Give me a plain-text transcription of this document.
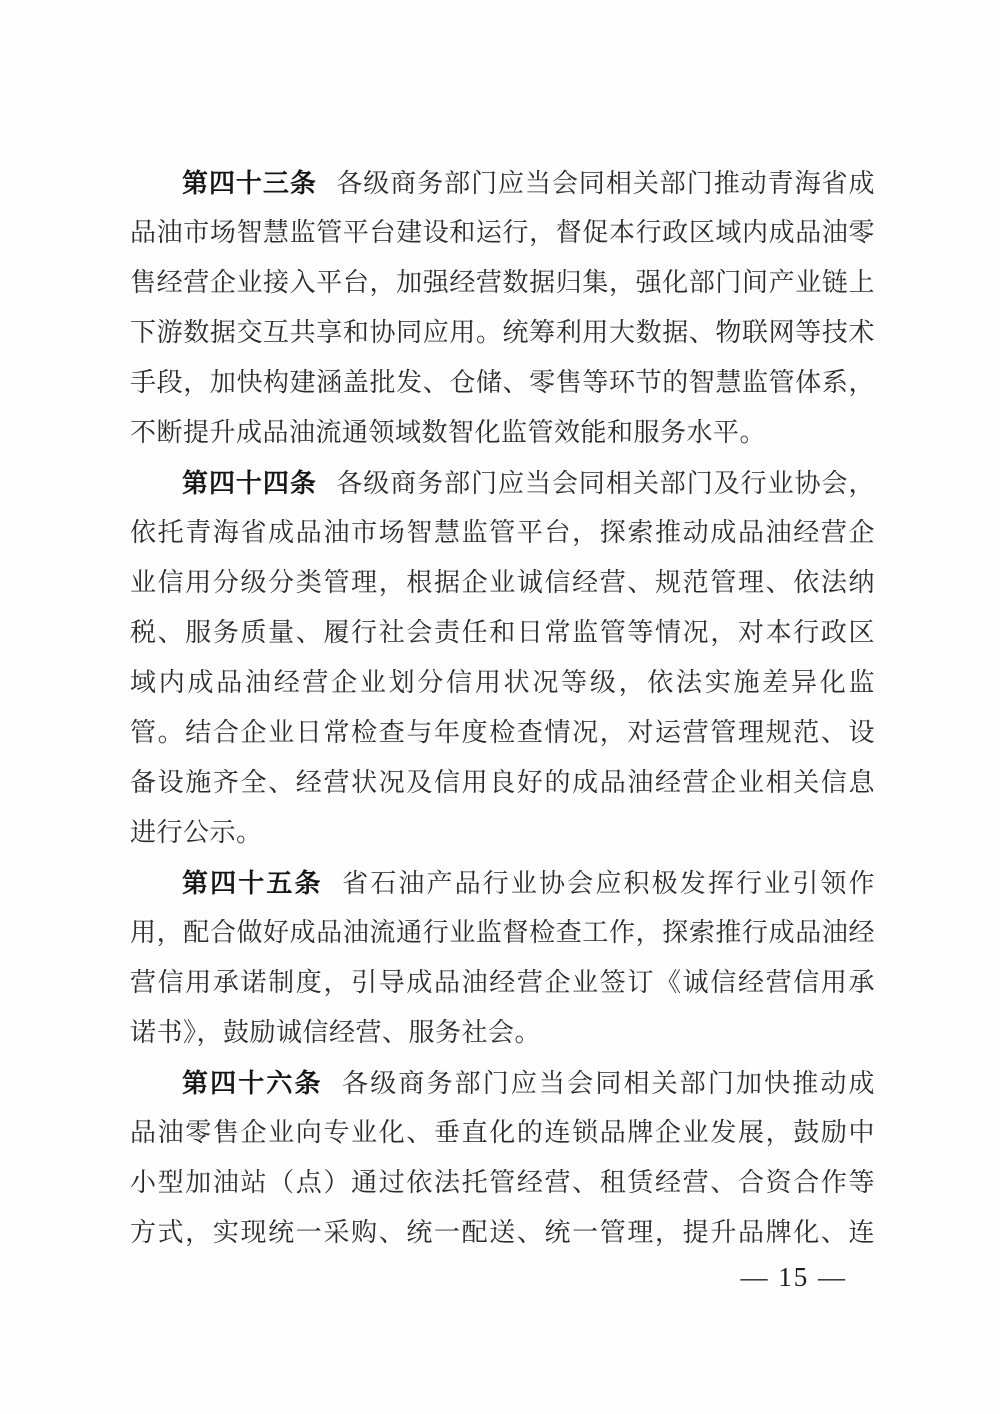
第四十三条 各级商务部门应当会同相关部门推动青海省成
品油市场智慧监管平台建设和运行，督促本行政区域内成品油零
售经营企业接入平台，加强经营数据归集，强化部门间产业链上
下游数据交互共享和协同应用。统筹利用大数据、物联网等技术
手段，加快构建涵盖批发、仓储、零售等环节的智慧监管体系，
不断提升成品油流通领域数智化监管效能和服务水平。
第四十四条 各级商务部门应当会同相关部门及行业协会，
依托青海省成品油市场智慧监管平台，探索推动成品油经营企
业信用分级分类管理，根据企业诚信经营、规范管理、依法纳
税、服务质量、履行社会责任和日常监管等情况，对本行政区
域内成品油经营企业划分信用状况等级，依法实施差异化监
管。结合企业日常检查与年度检查情况，对运营管理规范、设
备设施齐全、经营状况及信用良好的成品油经营企业相关信息
进行公示。
第四十五条 省石油产品行业协会应积极发挥行业引领作
用，配合做好成品油流通行业监督检查工作，探索推行成品油经
营信用承诺制度，引导成品油经营企业签订《诚信经营信用承
诺书》，鼓励诚信经营、服务社会。
第四十六条 各级商务部门应当会同相关部门加快推动成
品油零售企业向专业化、垂直化的连锁品牌企业发展，鼓励中
小型加油站（点）通过依法托管经营、租赁经营、合资合作等
方式，实现统一采购、统一配送、统一管理，提升品牌化、连
— 15 —
